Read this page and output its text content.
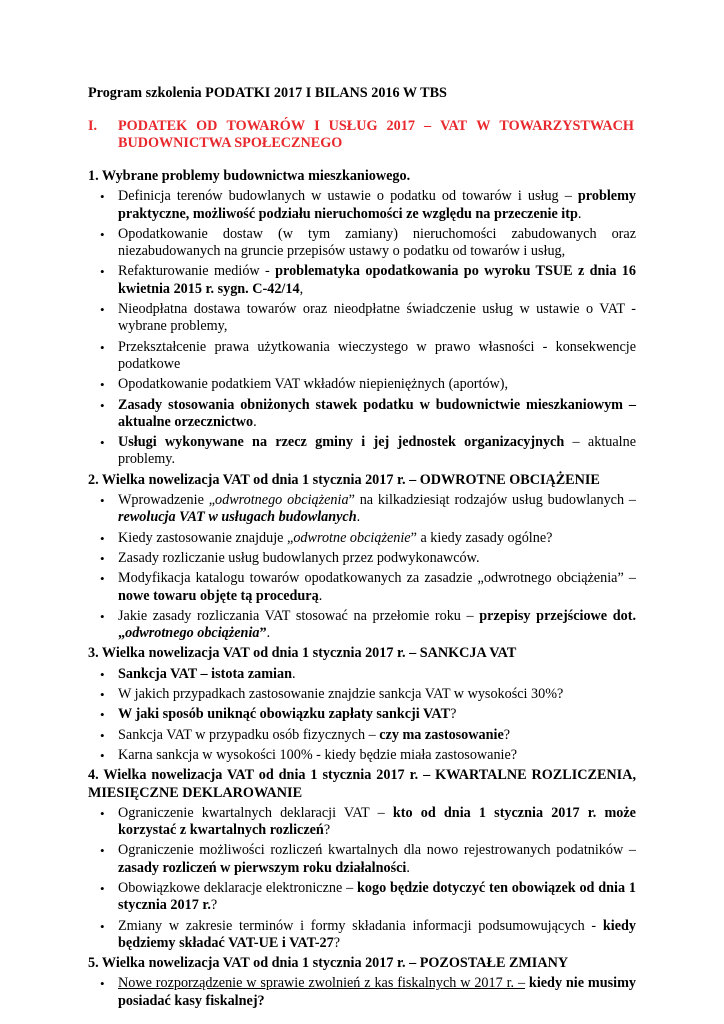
Program szkolenia PODATKI 2017 I BILANS 2016 W TBS
I. PODATEK OD TOWARÓW I USŁUG 2017 – VAT W TOWARZYSTWACH
BUDOWNICTWA SPOŁECZNEGO
1. Wybrane problemy budownictwa mieszkaniowego.
• Definicja terenów budowlanych w ustawie o podatku od towarów i usług – problemy praktyczne, możliwość podziału nieruchomości ze względu na przeczenie itp.
• Opodatkowanie dostaw (w tym zamiany) nieruchomości zabudowanych oraz niezabudowanych na gruncie przepisów ustawy o podatku od towarów i usług,
• Refakturowanie mediów - problematyka opodatkowania po wyroku TSUE z dnia 16 kwietnia 2015 r. sygn. C-42/14,
• Nieodpłatna dostawa towarów oraz nieodpłatne świadczenie usług w ustawie o VAT - wybrane problemy,
• Przekształcenie prawa użytkowania wieczystego w prawo własności - konsekwencje podatkowe
• Opodatkowanie podatkiem VAT wkładów niepieniężnych (aportów),
• Zasady stosowania obniżonych stawek podatku w budownictwie mieszkaniowym – aktualne orzecznictwo.
• Usługi wykonywane na rzecz gminy i jej jednostek organizacyjnych – aktualne problemy.
2. Wielka nowelizacja VAT od dnia 1 stycznia 2017 r. – ODWROTNE OBCIĄŻENIE
• Wprowadzenie „odwrotnego obciążenia” na kilkadziesiąt rodzajów usług budowlanych – rewolucja VAT w usługach budowlanych.
• Kiedy zastosowanie znajduje „odwrotne obciążenie” a kiedy zasady ogólne?
• Zasady rozliczanie usług budowlanych przez podwykonawców.
• Modyfikacja katalogu towarów opodatkowanych za zasadzie „odwrotnego obciążenia” – nowe towaru objęte tą procedurą.
• Jakie zasady rozliczania VAT stosować na przełomie roku – przepisy przejściowe dot. „odwrotnego obciążenia”.
3. Wielka nowelizacja VAT od dnia 1 stycznia 2017 r. – SANKCJA VAT
• Sankcja VAT – istota zamian.
• W jakich przypadkach zastosowanie znajdzie sankcja VAT w wysokości 30%?
• W jaki sposób uniknąć obowiązku zapłaty sankcji VAT?
• Sankcja VAT w przypadku osób fizycznych – czy ma zastosowanie?
• Karna sankcja w wysokości 100% - kiedy będzie miała zastosowanie?
4. Wielka nowelizacja VAT od dnia 1 stycznia 2017 r. – KWARTALNE ROZLICZENIA, MIESIĘCZNE DEKLAROWANIE
• Ograniczenie kwartalnych deklaracji VAT – kto od dnia 1 stycznia 2017 r. może korzystać z kwartalnych rozliczeń?
• Ograniczenie możliwości rozliczeń kwartalnych dla nowo rejestrowanych podatników – zasady rozliczeń w pierwszym roku działalności.
• Obowiązkowe deklaracje elektroniczne – kogo będzie dotyczyć ten obowiązek od dnia 1 stycznia 2017 r.?
• Zmiany w zakresie terminów i formy składania informacji podsumowujących - kiedy będziemy składać VAT-UE i VAT-27?
5. Wielka nowelizacja VAT od dnia 1 stycznia 2017 r. – POZOSTAŁE ZMIANY
• Nowe rozporządzenie w sprawie zwolnień z kas fiskalnych w 2017 r. – kiedy nie musimy posiadać kasy fiskalnej?
